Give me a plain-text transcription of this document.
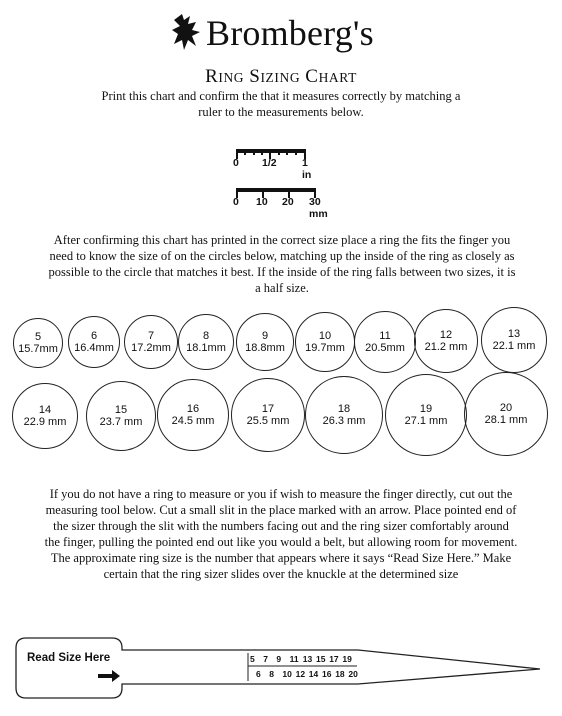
Bromberg's
RING SIZING CHART
Print this chart and confirm the that it measures correctly by matching a ruler to the measurements below.
0 1/2 1 in
0 10 20 30 mm
After confirming this chart has printed in the correct size place a ring the fits the finger you need to know the size of on the circles below, matching up the inside of the ring as closely as possible to the circle that matches it best. If the inside of the ring falls between two sizes, it is a half size.
5
15.7mm
6
16.4mm
7
17.2mm
8
18.1mm
9
18.8mm
10
19.7mm
11
20.5mm
12
21.2 mm
13
22.1 mm
14
22.9 mm
15
23.7 mm
16
24.5 mm
17
25.5 mm
18
26.3 mm
19
27.1 mm
20
28.1 mm
If you do not have a ring to measure or you if wish to measure the finger directly, cut out the measuring tool below. Cut a small slit in the place marked with an arrow. Place pointed end of the sizer through the slit with the numbers facing out and the ring sizer comfortably around the finger, pulling the pointed end out like you would a belt, but allowing room for movement. The approximate ring size is the number that appears where it says “Read Size Here.” Make certain that the ring sizer slides over the knuckle at the determined size
Read Size Here	5 7 9 11 13 15 17 19
6 8 10 12 14 16 18 20
